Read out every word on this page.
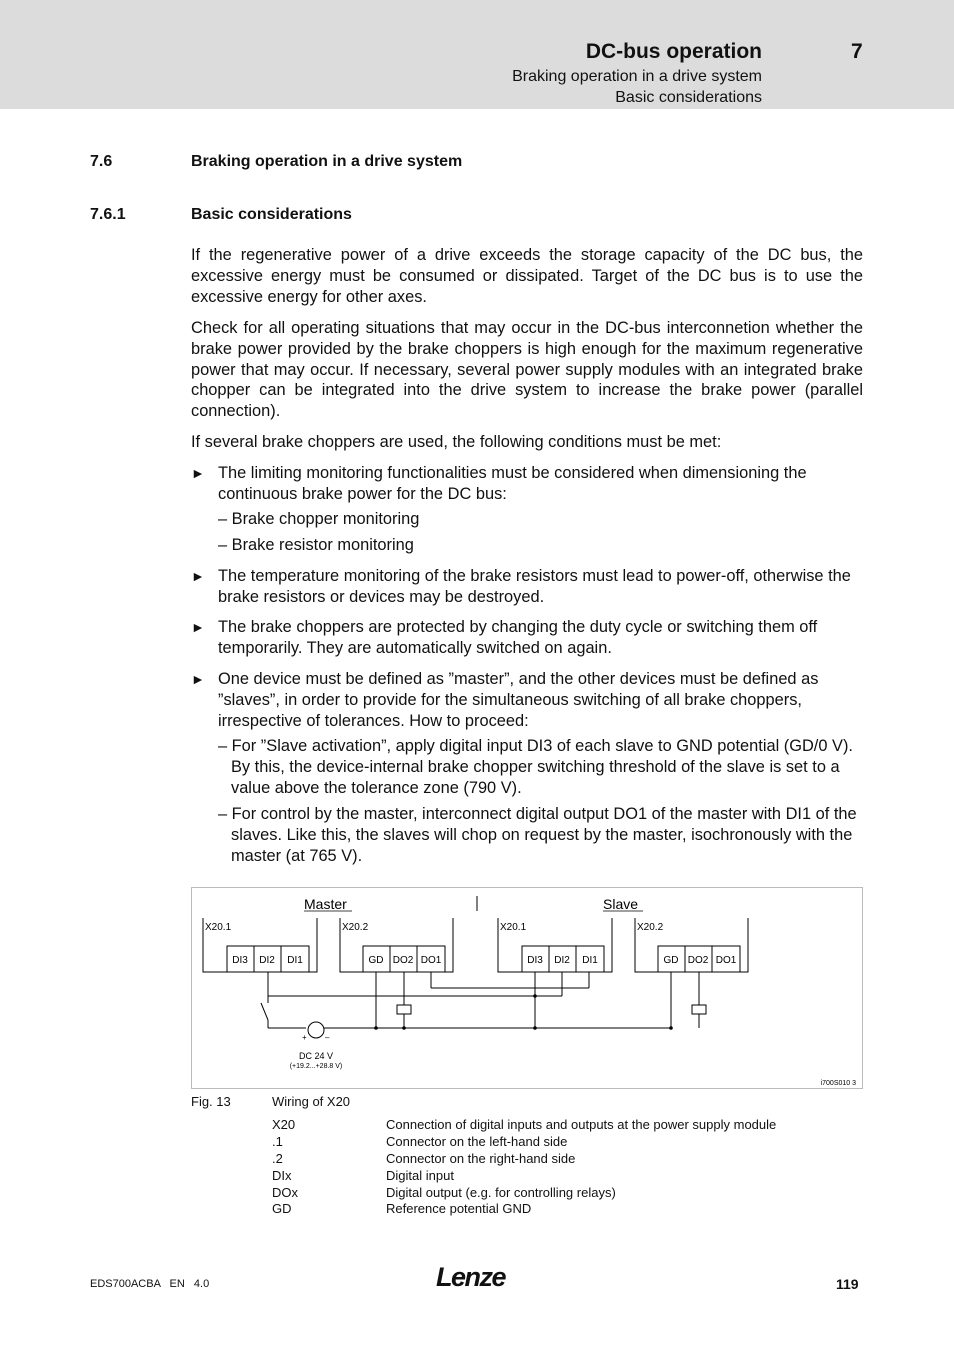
DC-bus operation	7
Braking operation in a drive system
Basic considerations
7.6	Braking operation in a drive system
7.6.1	Basic considerations
If the regenerative power of a drive exceeds the storage capacity of the DC bus, the excessive energy must be consumed or dissipated. Target of the DC bus is to use the excessive energy for other axes.
Check for all operating situations that may occur in the DC-bus interconnetion whether the brake power provided by the brake choppers is high enough for the maximum regenerative power that may occur. If necessary, several power supply modules with an integrated brake chopper can be integrated into the drive system to increase the brake power (parallel connection).
If several brake choppers are used, the following conditions must be met:
► The limiting monitoring functionalities must be considered when dimensioning the continuous brake power for the DC bus:
– Brake chopper monitoring
– Brake resistor monitoring
► The temperature monitoring of the brake resistors must lead to power-off, otherwise the brake resistors or devices may be destroyed.
► The brake choppers are protected by changing the duty cycle or switching them off temporarily. They are automatically switched on again.
► One device must be defined as ”master”, and the other devices must be defined as ”slaves”, in order to provide for the simultaneous switching of all brake choppers, irrespective of tolerances. How to proceed:
– For ”Slave activation”, apply digital input DI3 of each slave to GND potential (GD/0 V). By this, the device-internal brake chopper switching threshold of the slave is set to a value above the tolerance zone (790 V).
– For control by the master, interconnect digital output DO1 of the master with DI1 of the slaves. Like this, the slaves will chop on request by the master, isochronously with the master (at 765 V).
Master	Slave
X20.1	X20.2	X20.1	X20.2
DI3 DI2 DI1	GD DO2 DO1	DI3 DI2 DI1	GD DO2 DO1
+ –
DC 24 V
(+19.2...+28.8 V)
i700S010 3
Fig. 13	Wiring of X20
X20	Connection of digital inputs and outputs at the power supply module
.1	Connector on the left-hand side
.2	Connector on the right-hand side
DIx	Digital input
DOx	Digital output (e.g. for controlling relays)
GD	Reference potential GND
EDS700ACBA   EN   4.0	Lenze	119
